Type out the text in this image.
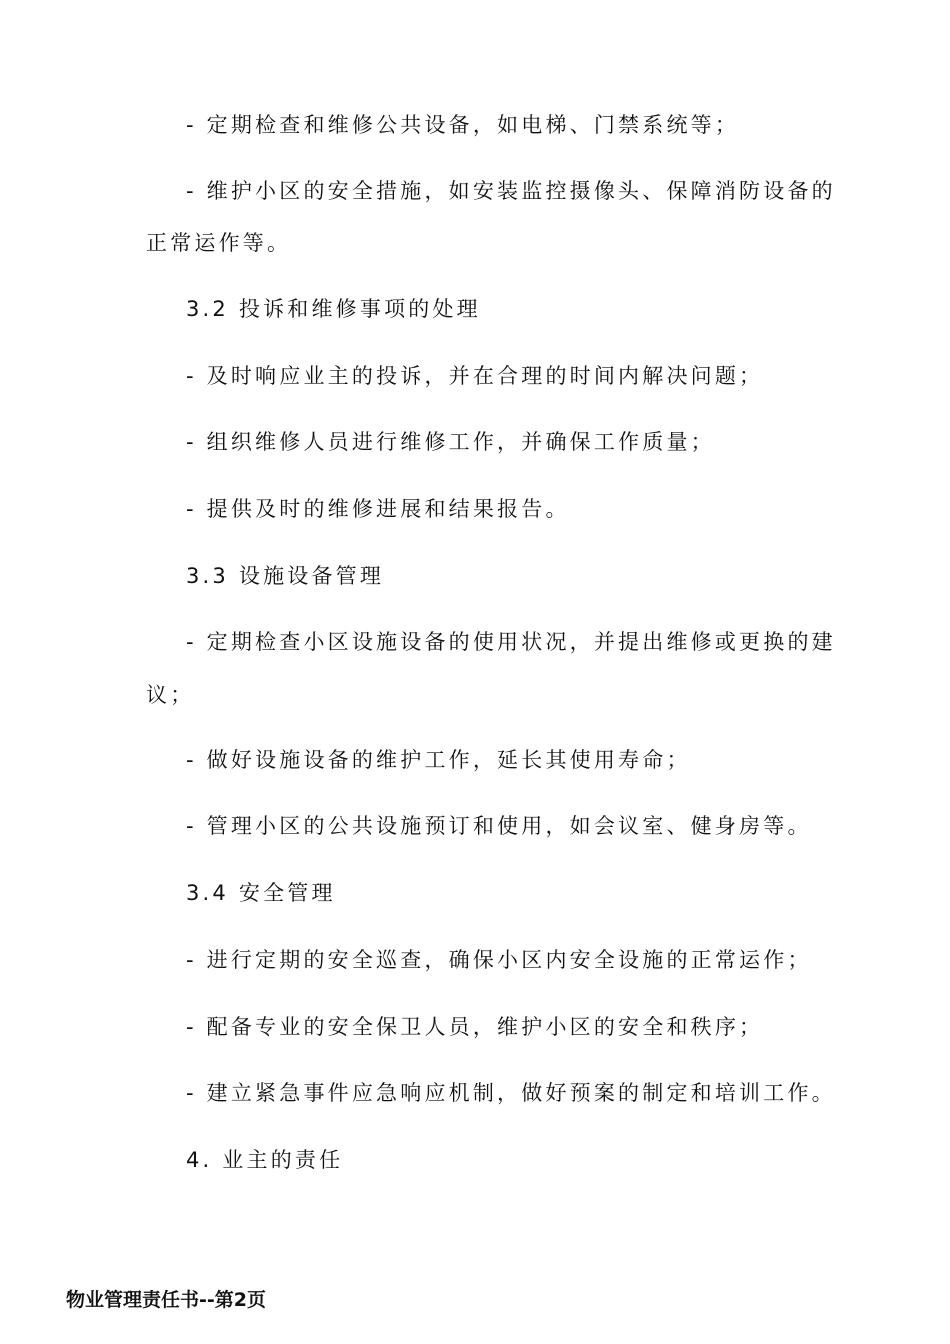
- 定期检查和维修公共设备，如电梯、门禁系统等；
- 维护小区的安全措施，如安装监控摄像头、保障消防设备的
正常运作等。
3.2 投诉和维修事项的处理
- 及时响应业主的投诉，并在合理的时间内解决问题；
- 组织维修人员进行维修工作，并确保工作质量；
- 提供及时的维修进展和结果报告。
3.3 设施设备管理
- 定期检查小区设施设备的使用状况，并提出维修或更换的建
议；
- 做好设施设备的维护工作，延长其使用寿命；
- 管理小区的公共设施预订和使用，如会议室、健身房等。
3.4 安全管理
- 进行定期的安全巡查，确保小区内安全设施的正常运作；
- 配备专业的安全保卫人员，维护小区的安全和秩序；
- 建立紧急事件应急响应机制，做好预案的制定和培训工作。
4. 业主的责任
物业管理责任书--第2页
